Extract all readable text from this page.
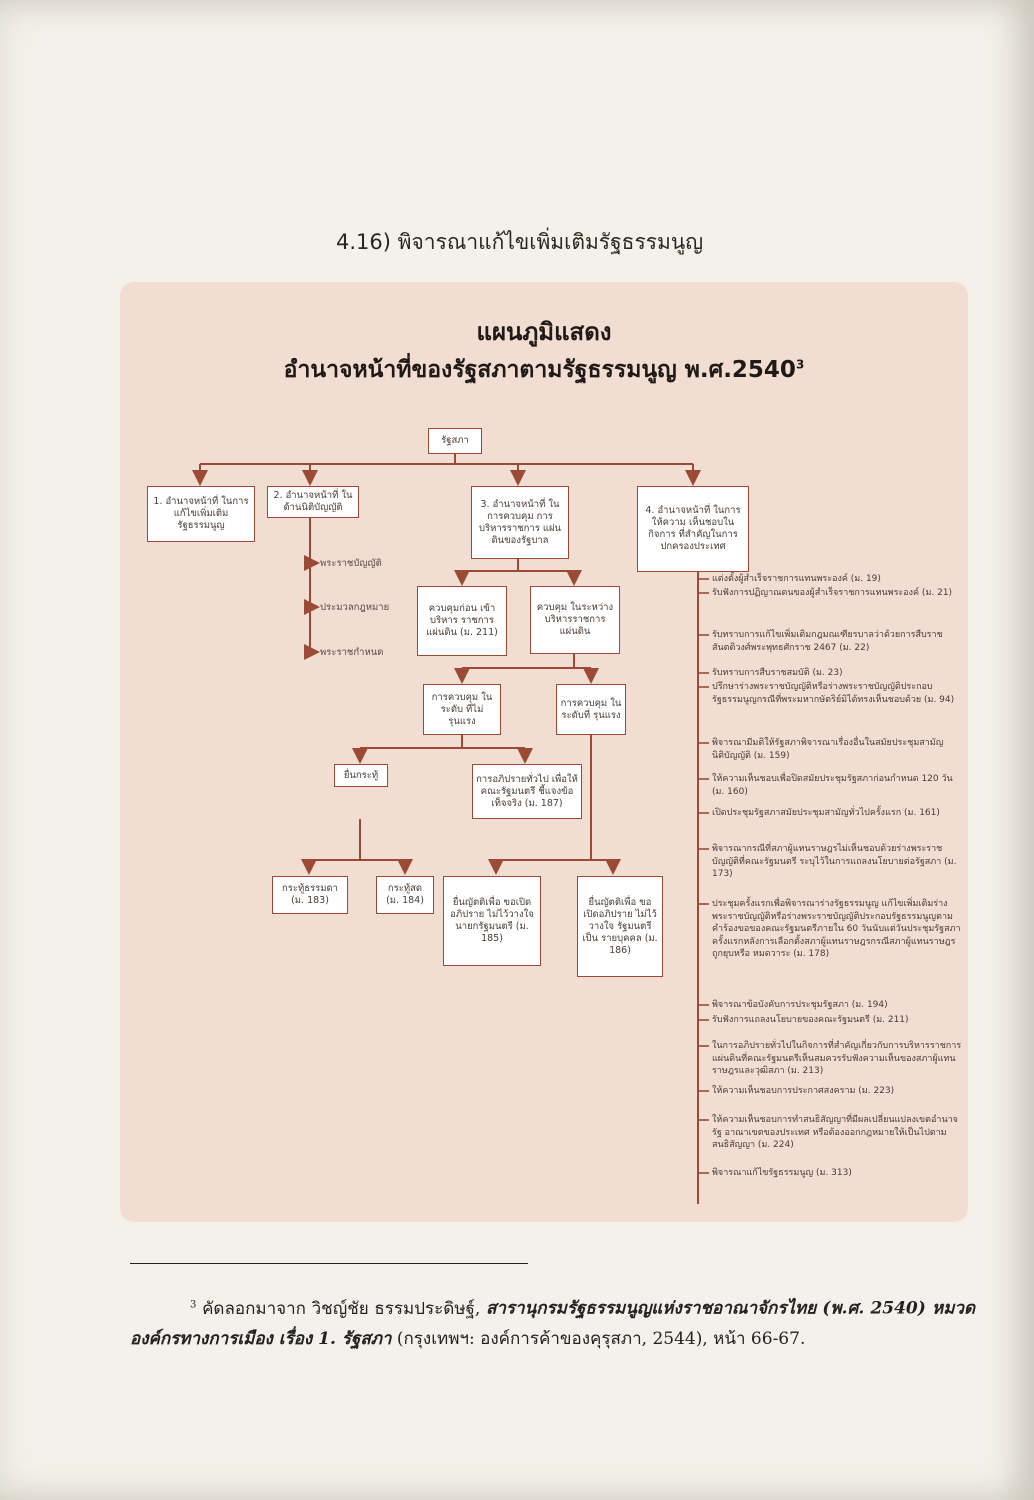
4.16) พิจารณาแก้ไขเพิ่มเติมรัฐธรรมนูญ
แผนภูมิแสดง
อำนาจหน้าที่ของรัฐสภาตามรัฐธรรมนูญ พ.ศ.2540$^3$
1. อำนาจหน้าที่ ในการแก้ไขเพิ่มเติม รัฐธรรมนูญ
2. อำนาจหน้าที่ ในด้านนิติบัญญัติ	3. อำนาจหน้าที่ ในการควบคุม การบริหารราชการ แผ่นดินของรัฐบาล
4. อำนาจหน้าที่ ในการให้ความ เห็นชอบในกิจการ ที่สำคัญในการ ปกครองประเทศ
รัฐสภา
พระราชบัญญัติ
ประมวลกฎหมาย
พระราชกำหนด
ควบคุมก่อน เข้าบริหาร ราชการแผ่นดิน (ม. 211)
ควบคุม ในระหว่าง บริหารราชการ แผ่นดิน
การควบคุม ในระดับ ที่ไม่รุนแรง
การควบคุม ในระดับที่ รุนแรง
ยื่นกระทู้	การอภิปรายทั่วไป เพื่อให้คณะรัฐมนตรี ชี้แจงข้อเท็จจริง (ม. 187)
กระทู้ธรรมดา (ม. 183)
กระทู้สด (ม. 184)	ยื่นญัตติเพื่อ ขอเปิดอภิปราย ไม่ไว้วางใจ นายกรัฐมนตรี (ม. 185)
ยื่นญัตติเพื่อ ขอเปิดอภิปราย ไม่ไว้วางใจ รัฐมนตรีเป็น รายบุคคล (ม. 186)
แต่งตั้งผู้สำเร็จราชการแทนพระองค์ (ม. 19)
รับฟังการปฏิญาณตนของผู้สำเร็จราชการแทนพระองค์ (ม. 21)
รับทราบการแก้ไขเพิ่มเติมกฎมณเฑียรบาลว่าด้วยการสืบราชสันตติวงศ์พระพุทธศักราช 2467 (ม. 22)
รับทราบการสืบราชสมบัติ (ม. 23)
ปรึกษาร่างพระราชบัญญัติหรือร่างพระราชบัญญัติประกอบรัฐธรรมนูญกรณีที่พระมหากษัตริย์มิได้ทรงเห็นชอบด้วย (ม. 94)
พิจารณามีมติให้รัฐสภาพิจารณาเรื่องอื่นในสมัยประชุมสามัญนิติบัญญัติ (ม. 159)
ให้ความเห็นชอบเพื่อปิดสมัยประชุมรัฐสภาก่อนกำหนด 120 วัน (ม. 160)
เปิดประชุมรัฐสภาสมัยประชุมสามัญทั่วไปครั้งแรก (ม. 161)
พิจารณากรณีที่สภาผู้แทนราษฎรไม่เห็นชอบด้วยร่างพระราชบัญญัติที่คณะรัฐมนตรี ระบุไว้ในการแถลงนโยบายต่อรัฐสภา (ม. 173)
ประชุมครั้งแรกเพื่อพิจารณาร่างรัฐธรรมนูญ แก้ไขเพิ่มเติมร่างพระราชบัญญัติหรือร่างพระราชบัญญัติประกอบรัฐธรรมนูญตามคำร้องขอของคณะรัฐมนตรีภายใน 60 วันนับแต่วันประชุมรัฐสภาครั้งแรกหลังการเลือกตั้งสภาผู้แทนราษฎรกรณีสภาผู้แทนราษฎรถูกยุบหรือ หมดวาระ (ม. 178)
พิจารณาข้อบังคับการประชุมรัฐสภา (ม. 194)
รับฟังการแถลงนโยบายของคณะรัฐมนตรี (ม. 211)
ในการอภิปรายทั่วไปในกิจการที่สำคัญเกี่ยวกับการบริหารราชการแผ่นดินที่คณะรัฐมนตรีเห็นสมควรรับฟังความเห็นของสภาผู้แทนราษฎรและวุฒิสภา (ม. 213)
ให้ความเห็นชอบการประกาศสงคราม (ม. 223)
ให้ความเห็นชอบการทำสนธิสัญญาที่มีผลเปลี่ยนแปลงเขตอำนาจรัฐ อาณาเขตของประเทศ หรือต้องออกกฎหมายให้เป็นไปตามสนธิสัญญา (ม. 224)
พิจารณาแก้ไขรัฐธรรมนูญ (ม. 313)
$^3$ คัดลอกมาจาก วิชญ์ชัย ธรรมประดิษฐ์, สารานุกรมรัฐธรรมนูญแห่งราชอาณาจักรไทย (พ.ศ. 2540) หมวดองค์กรทางการเมือง เรื่อง 1. รัฐสภา (กรุงเทพฯ: องค์การค้าของคุรุสภา, 2544), หน้า 66-67.
